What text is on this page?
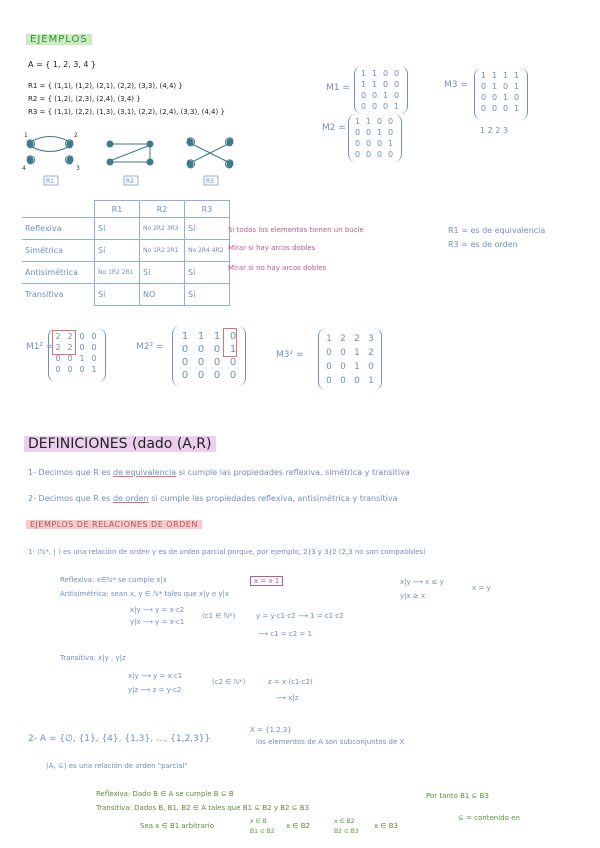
EJEMPLOS
A = { 1, 2, 3, 4 }
R1 = { (1,1), (1,2), (2,1), (2,2), (3,3), (4,4) }
R2 = { (1,2), (2,3), (2,4), (3,4) }
R3 = { (1,1), (2,2), (1,3), (3,1), (2,2), (2,4), (3,3), (4,4) }
1	2
4	3
R1	R2	R3
M1 =
1 1 0 0
1 1 0 0
0 0 1 0
0 0 0 1
M2 =
1 1 0 0
0 0 1 0
0 0 0 1
0 0 0 0
M3 =
1 1 1 1
0 1 0 1
0 0 1 0
0 0 0 1
1 2 2 3
	R1	R2	R3
Reflexiva	Sí	No 2R2 3R3	Sí
Simétrica	Sí	No 1R2 2R1	No 2R4 4R2
Antisimétrica	No 1R2 2R1	Sí	Sí
Transitiva	Sí	NO	Sí
Si todos los elementos tienen un bucle
Mirar si hay arcos dobles
Mirar si no hay arcos dobles
R1 = es de equivalencia
R3 = es de orden
M1² =
2 2 0 0
2 2 0 0
0 0 1 0
0 0 0 1
M2² =
1 1 1 0
0 0 0 1
0 0 0 0
0 0 0 0
M3² =
1 2 2 3
0 0 1 2
0 0 1 0
0 0 0 1
DEFINICIONES (dado (A,R)
1- Decimos que R es de equivalencia si cumple las propiedades reflexiva, simétrica y transitiva
2- Decimos que R es de orden si cumple las propiedades reflexiva, antisimétrica y transitiva
EJEMPLOS DE RELACIONES DE ORDEN
1- (ℕ*, | ) es una relación de orden y es de orden parcial porque, por ejemplo, 2∤3 y 3∤2 (2,3 no son compatibles)
Reflexiva: x∈ℕ* se cumple x|x	x = x·1
Antisimétrica: sean x, y ∈ ℕ* tales que x|y e y|x
x|y ⟶ y = x·c2
y|x ⟶ y = x·c1
(c1 ∈ ℕ*)	y = y·c1·c2 ⟶ 1 = c1·c2
⟶ c1 = c2 = 1
x|y ⟶ x ≤ y
y|x ≥ x
x = y
Transitiva: x|y , y|z
x|y ⟶ y = x·c1
y|z ⟶ z = y·c2
(c2 ∈ ℕ*)	z = x·(c1·c2)
⟶ x|z
2- A = {∅, {1}, {4}, {1,3}, ..., {1,2,3}}
X = {1,2,3}
los elementos de A son subconjuntos de X
(A, ⊆) es una relación de orden "parcial"
Reflexiva: Dado B ∈ A se cumple B ⊆ B
Transitiva: Dados B, B1, B2 ∈ A tales que B1 ⊆ B2 y B2 ⊆ B3
Sea x ∈ B1 arbitrario
x ∈ B
B1 ⊆ B2
x ∈ B2
x ∈ B2
B2 ⊆ B3
x ∈ B3
Por tanto B1 ⊆ B3
⊆ = contenido en
